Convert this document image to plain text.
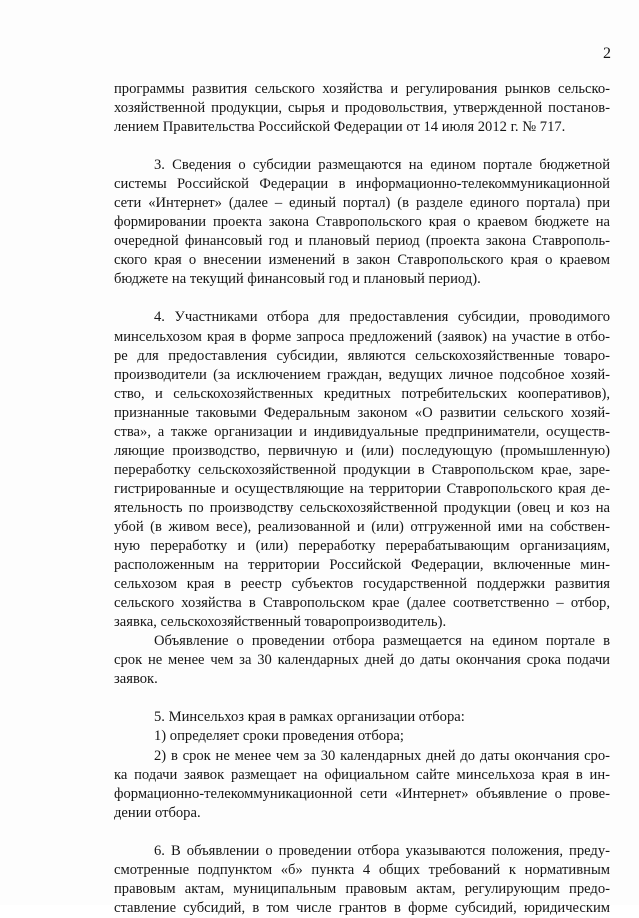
2
программы развития сельского хозяйства и регулирования рынков сельско-
хозяйственной продукции, сырья и продовольствия, утвержденной постанов-
лением Правительства Российской Федерации от 14 июля 2012 г. № 717.
3. Сведения о субсидии размещаются на едином портале бюджетной
системы Российской Федерации в информационно-телекоммуникационной
сети «Интернет» (далее – единый портал) (в разделе единого портала) при
формировании проекта закона Ставропольского края о краевом бюджете на
очередной финансовый год и плановый период (проекта закона Ставрополь-
ского края о внесении изменений в закон Ставропольского края о краевом
бюджете на текущий финансовый год и плановый период).
4. Участниками отбора для предоставления субсидии, проводимого
минсельхозом края в форме запроса предложений (заявок) на участие в отбо-
ре для предоставления субсидии, являются сельскохозяйственные товаро-
производители (за исключением граждан, ведущих личное подсобное хозяй-
ство, и сельскохозяйственных кредитных потребительских кооперативов),
признанные таковыми Федеральным законом «О развитии сельского хозяй-
ства», а также организации и индивидуальные предприниматели, осуществ-
ляющие производство, первичную и (или) последующую (промышленную)
переработку сельскохозяйственной продукции в Ставропольском крае, заре-
гистрированные и осуществляющие на территории Ставропольского края де-
ятельность по производству сельскохозяйственной продукции (овец и коз на
убой (в живом весе), реализованной и (или) отгруженной ими на собствен-
ную переработку и (или) переработку перерабатывающим организациям,
расположенным на территории Российской Федерации, включенные мин-
сельхозом края в реестр субъектов государственной поддержки развития
сельского хозяйства в Ставропольском крае (далее соответственно – отбор,
заявка, сельскохозяйственный товаропроизводитель).
Объявление о проведении отбора размещается на едином портале в
срок не менее чем за 30 календарных дней до даты окончания срока подачи
заявок.
5. Минсельхоз края в рамках организации отбора:
1) определяет сроки проведения отбора;
2) в срок не менее чем за 30 календарных дней до даты окончания сро-
ка подачи заявок размещает на официальном сайте минсельхоза края в ин-
формационно-телекоммуникационной сети «Интернет» объявление о прове-
дении отбора.
6. В объявлении о проведении отбора указываются положения, преду-
смотренные подпунктом «б» пункта 4 общих требований к нормативным
правовым актам, муниципальным правовым актам, регулирующим предо-
ставление субсидий, в том числе грантов в форме субсидий, юридическим
